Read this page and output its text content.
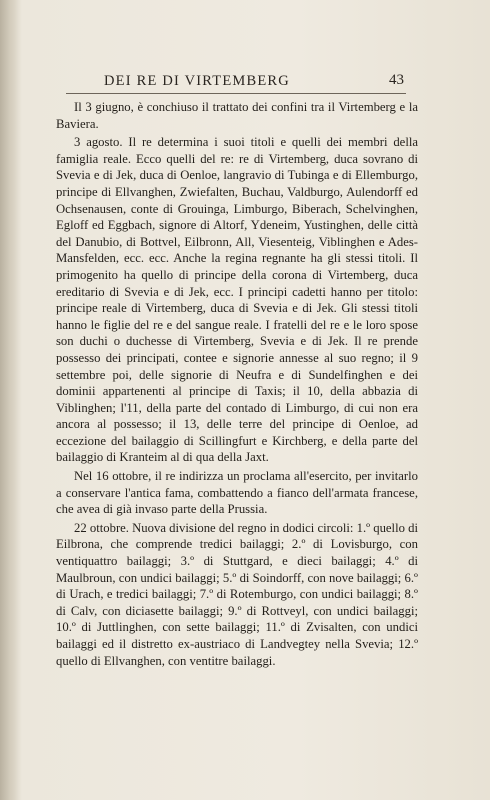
DEI RE DI VIRTEMBERG	43

Il 3 giugno, è conchiuso il trattato dei confini tra il Virtemberg e la Baviera.

3 agosto. Il re determina i suoi titoli e quelli dei membri della famiglia reale. Ecco quelli del re: re di Virtemberg, duca sovrano di Svevia e di Jek, duca di Oenloe, langravio di Tubinga e di Ellemburgo, principe di Ellvanghen, Zwiefalten, Buchau, Valdburgo, Aulendorff ed Ochsenausen, conte di Grouinga, Limburgo, Biberach, Schelvinghen, Egloff ed Eggbach, signore di Altorf, Ydeneim, Yustinghen, delle città del Danubio, di Bottvel, Eilbronn, All, Viesenteig, Viblinghen e Ades-Mansfelden, ecc. ecc. Anche la regina regnante ha gli stessi titoli. Il primogenito ha quello di principe della corona di Virtemberg, duca ereditario di Svevia e di Jek, ecc. I principi cadetti hanno per titolo: principe reale di Virtemberg, duca di Svevia e di Jek. Gli stessi titoli hanno le figlie del re e del sangue reale. I fratelli del re e le loro spose son duchi o duchesse di Virtemberg, Svevia e di Jek. Il re prende possesso dei principati, contee e signorie annesse al suo regno; il 9 settembre poi, delle signorie di Neufra e di Sundelfinghen e dei dominii appartenenti al principe di Taxis; il 10, della abbazia di Viblinghen; l'11, della parte del contado di Limburgo, di cui non era ancora al possesso; il 13, delle terre del principe di Oenloe, ad eccezione del bailaggio di Scillingfurt e Kirchberg, e della parte del bailaggio di Kranteim al di qua della Jaxt.

Nel 16 ottobre, il re indirizza un proclama all'esercito, per invitarlo a conservare l'antica fama, combattendo a fianco dell'armata francese, che avea di già invaso parte della Prussia.

22 ottobre. Nuova divisione del regno in dodici circoli: 1.º quello di Eilbrona, che comprende tredici bailaggi; 2.º di Lovisburgo, con ventiquattro bailaggi; 3.º di Stuttgard, e dieci bailaggi; 4.º di Maulbroun, con undici bailaggi; 5.º di Soindorff, con nove bailaggi; 6.º di Urach, e tredici bailaggi; 7.º di Rotemburgo, con undici bailaggi; 8.º di Calv, con diciasette bailaggi; 9.º di Rottveyl, con undici bailaggi; 10.º di Juttlinghen, con sette bailaggi; 11.º di Zvisalten, con undici bailaggi ed il distretto ex-austriaco di Landvegtey nella Svevia; 12.º quello di Ellvanghen, con ventitre bailaggi.
